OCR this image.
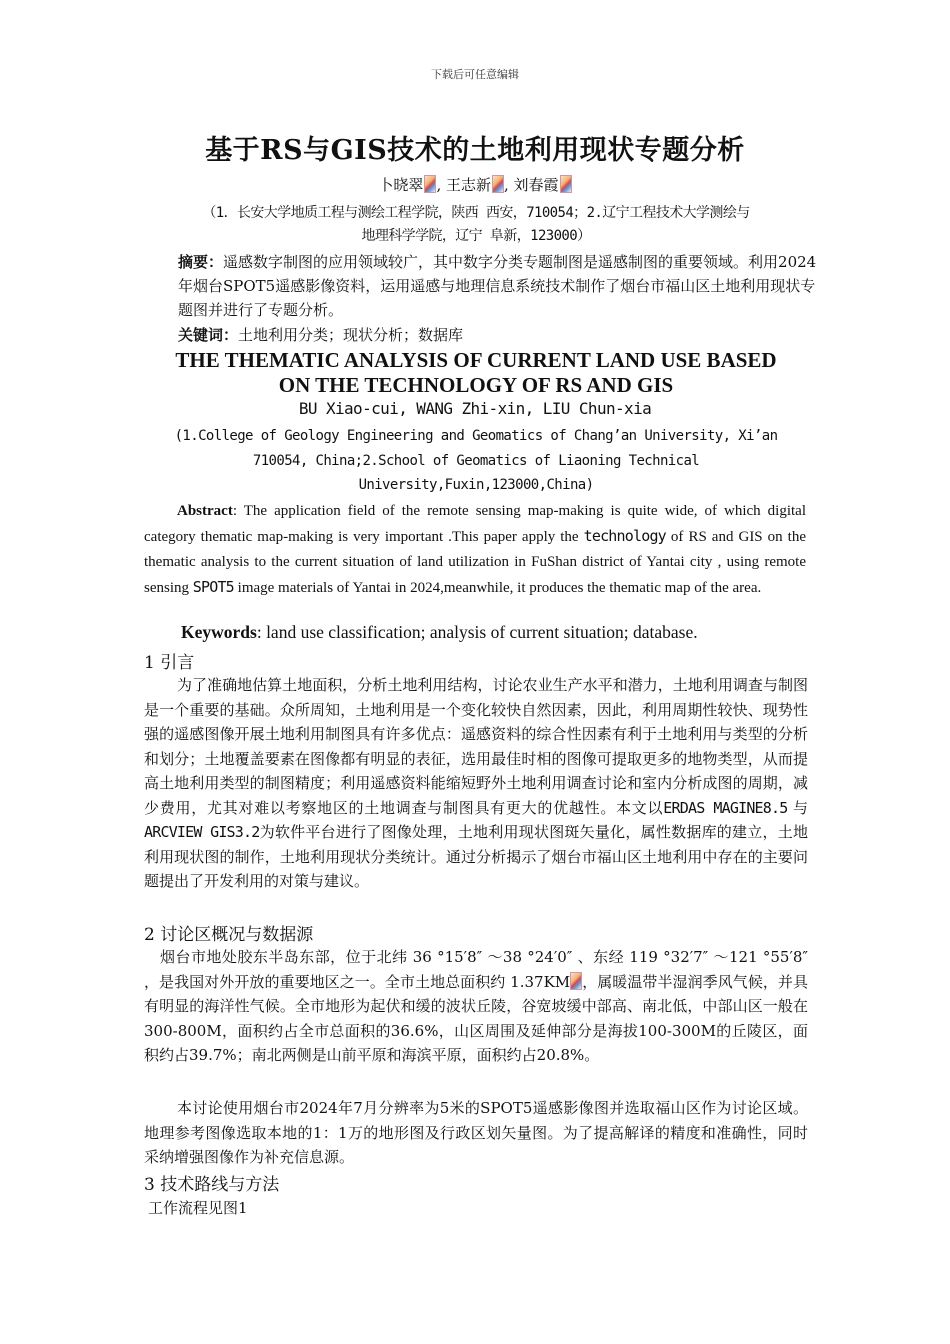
下载后可任意编辑
基于RS与GIS技术的土地利用现状专题分析
卜晓翠 , 王志新 , 刘春霞
（1．长安大学地质工程与测绘工程学院，陕西 西安，710054；2.辽宁工程技术大学测绘与
地理科学学院，辽宁 阜新，123000）
摘要：遥感数字制图的应用领域较广，其中数字分类专题制图是遥感制图的重要领域。利用2024年烟台SPOT5遥感影像资料，运用遥感与地理信息系统技术制作了烟台市福山区土地利用现状专题图并进行了专题分析。
关键词：土地利用分类；现状分析；数据库
THE THEMATIC ANALYSIS OF CURRENT LAND USE BASED
ON THE TECHNOLOGY OF RS AND GIS
BU Xiao-cui, WANG Zhi-xin, LIU Chun-xia
(1.College of Geology Engineering and Geomatics of Chang’an University, Xi’an
710054, China;2.School of Geomatics of Liaoning Technical
University,Fuxin,123000,China)
Abstract: The application field of the remote sensing map-making is quite wide, of which digital category thematic map-making is very important .This paper apply the technology of RS and GIS on the thematic analysis to the current situation of land utilization in FuShan district of Yantai city , using remote sensing SPOT5 image materials of Yantai in 2024,meanwhile, it produces the thematic map of the area.
Keywords: land use classification; analysis of current situation; database.
1 引言
为了准确地估算土地面积，分析土地利用结构，讨论农业生产水平和潜力，土地利用调查与制图是一个重要的基础。众所周知，土地利用是一个变化较快自然因素，因此，利用周期性较快、现势性强的遥感图像开展土地利用制图具有许多优点：遥感资料的综合性因素有利于土地利用与类型的分析和划分；土地覆盖要素在图像都有明显的表征，选用最佳时相的图像可提取更多的地物类型，从而提高土地利用类型的制图精度；利用遥感资料能缩短野外土地利用调查讨论和室内分析成图的周期，减少费用，尤其对难以考察地区的土地调查与制图具有更大的优越性。本文以ERDAS MAGINE8.5 与 ARCVIEW GIS3.2为软件平台进行了图像处理，土地利用现状图斑矢量化，属性数据库的建立，土地利用现状图的制作，土地利用现状分类统计。通过分析揭示了烟台市福山区土地利用中存在的主要问题提出了开发利用的对策与建议。
2 讨论区概况与数据源
烟台市地处胶东半岛东部，位于北纬 36 °15′8″ ～38 °24′0″ 、东经 119 °32′7″ ～121 °55′8″ ，是我国对外开放的重要地区之一。全市土地总面积约 1.37KM ，属暖温带半湿润季风气候，并具有明显的海洋性气候。全市地形为起伏和缓的波状丘陵，谷宽坡缓中部高、南北低，中部山区一般在300-800M，面积约占全市总面积的36.6%，山区周围及延伸部分是海拔100-300M的丘陵区，面积约占39.7%；南北两侧是山前平原和海滨平原，面积约占20.8%。
本讨论使用烟台市2024年7月分辨率为5米的SPOT5遥感影像图并选取福山区作为讨论区域。地理参考图像选取本地的1：1万的地形图及行政区划矢量图。为了提高解译的精度和准确性，同时采纳增强图像作为补充信息源。
3 技术路线与方法
工作流程见图1
